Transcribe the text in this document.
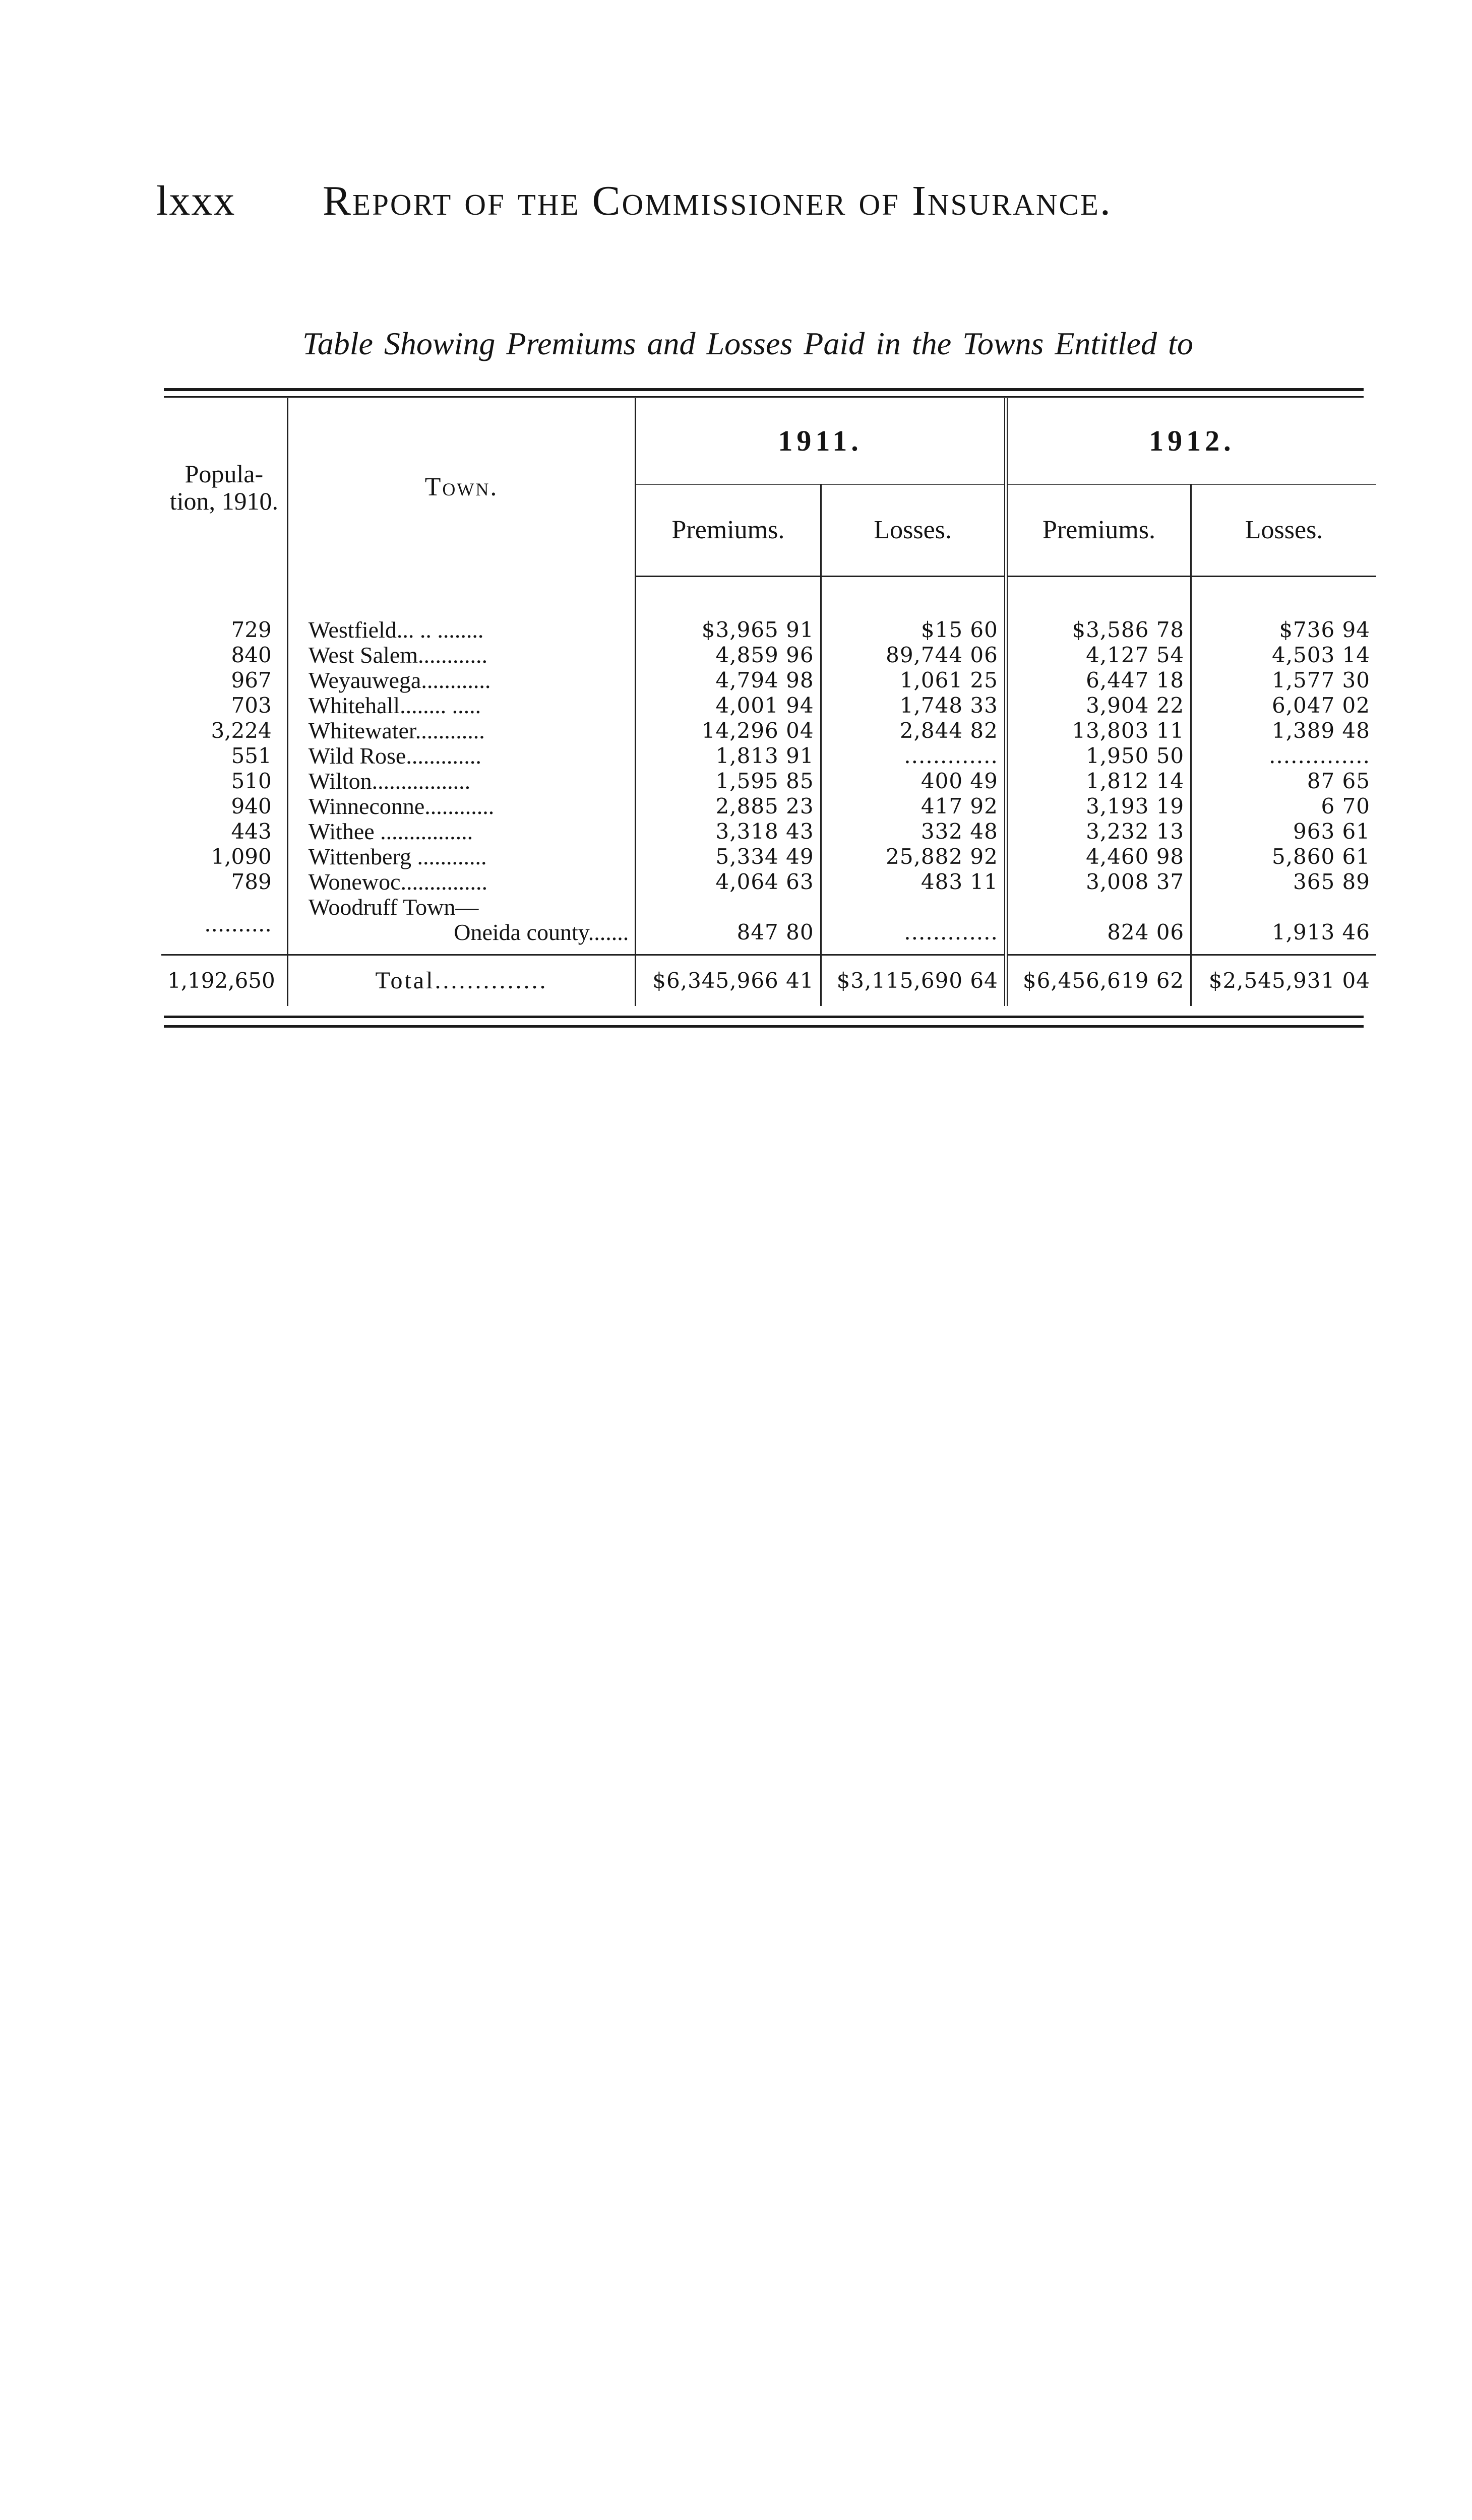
lxxx Report of the Commissioner of Insurance.
Table Showing Premiums and Losses Paid in the Towns Entitled to
Popula- tion, 1910.	Town.	1911.		1912.	
		Premiums.	Losses.	Premiums.	Losses.

729	Westfield... .. ........	$3,965 91	$15 60	$3,586 78	$736 94
840	West Salem............	4,859 96	89,744 06	4,127 54	4,503 14
967	Weyauwega............	4,794 98	1,061 25	6,447 18	1,577 30
703	Whitehall........ .....	4,001 94	1,748 33	3,904 22	6,047 02
3,224	Whitewater............	14,296 04	2,844 82	13,803 11	1,389 48
551	Wild Rose.............	1,813 91	.............	1,950 50	..............
510	Wilton.................	1,595 85	400 49	1,812 14	87 65
940	Winneconne............	2,885 23	417 92	3,193 19	6 70
443	Withee ................	3,318 43	332 48	3,232 13	963 61
1,090	Wittenberg ............	5,334 49	25,882 92	4,460 98	5,860 61
789	Wonewoc...............	4,064 63	483 11	3,008 37	365 89
..........	Woodruff Town—	847 80	.............	824 06	1,913 46
	Oneida county.......				
1,192,650	Total..............	$6,345,966 41	$3,115,690 64	$6,456,619 62	$2,545,931 04
